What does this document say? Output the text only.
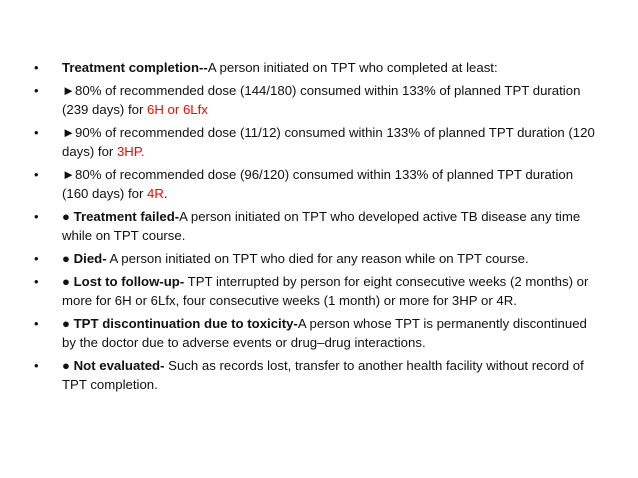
• Treatment completion--A person initiated on TPT who completed at least:
• ►80% of recommended dose (144/180) consumed within 133% of planned TPT duration (239 days) for 6H or 6Lfx
• ►90% of recommended dose (11/12) consumed within 133% of planned TPT duration (120 days) for 3HP.
• ►80% of recommended dose (96/120) consumed within 133% of planned TPT duration (160 days) for 4R.
• ● Treatment failed-A person initiated on TPT who developed active TB disease any time while on TPT course.
• ● Died- A person initiated on TPT who died for any reason while on TPT course.
• ● Lost to follow-up- TPT interrupted by person for eight consecutive weeks (2 months) or more for 6H or 6Lfx, four consecutive weeks (1 month) or more for 3HP or 4R.
• ● TPT discontinuation due to toxicity-A person whose TPT is permanently discontinued by the doctor due to adverse events or drug–drug interactions.
• ● Not evaluated- Such as records lost, transfer to another health facility without record of TPT completion.
